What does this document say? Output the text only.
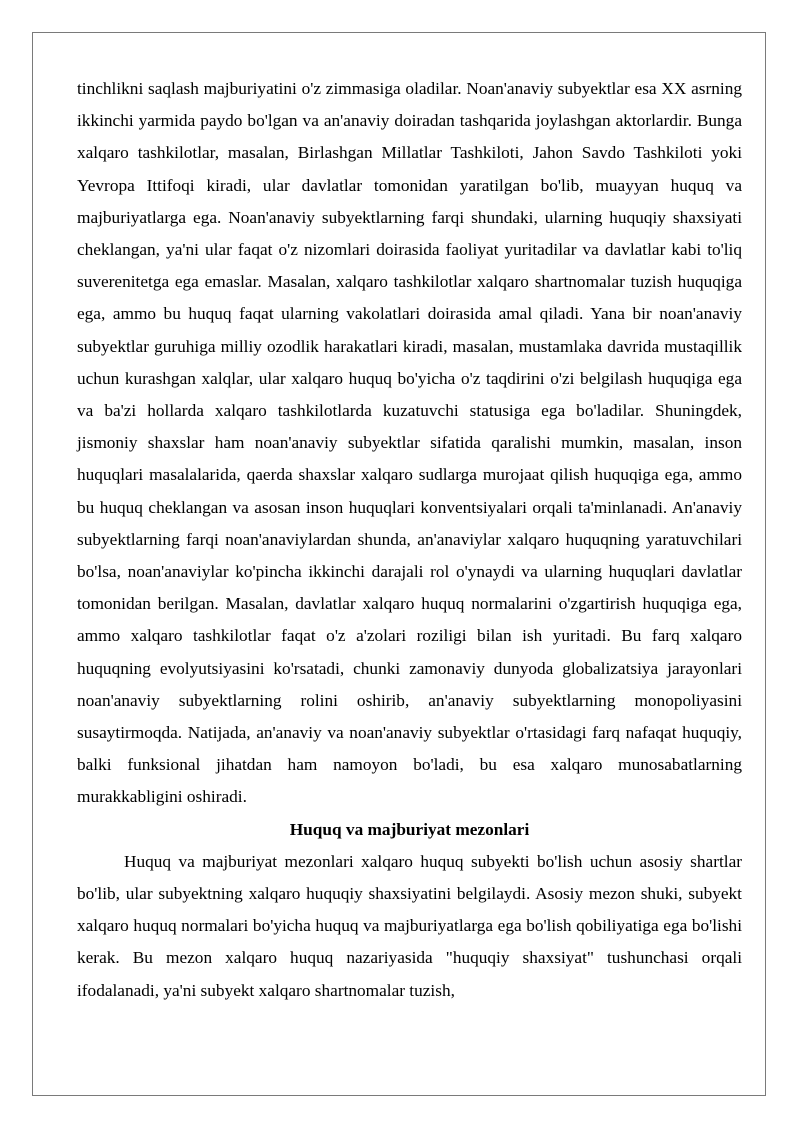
tinchlikni saqlash majburiyatini o'z zimmasiga oladilar. Noan'anaviy subyektlar esa XX asrning ikkinchi yarmida paydo bo'lgan va an'anaviy doiradan tashqarida joylashgan aktorlardir. Bunga xalqaro tashkilotlar, masalan, Birlashgan Millatlar Tashkiloti, Jahon Savdo Tashkiloti yoki Yevropa Ittifoqi kiradi, ular davlatlar tomonidan yaratilgan bo'lib, muayyan huquq va majburiyatlarga ega. Noan'anaviy subyektlarning farqi shundaki, ularning huquqiy shaxsiyati cheklangan, ya'ni ular faqat o'z nizomlari doirasida faoliyat yuritadilar va davlatlar kabi to'liq suverenitetga ega emaslar. Masalan, xalqaro tashkilotlar xalqaro shartnomalar tuzish huquqiga ega, ammo bu huquq faqat ularning vakolatlari doirasida amal qiladi. Yana bir noan'anaviy subyektlar guruhiga milliy ozodlik harakatlari kiradi, masalan, mustamlaka davrida mustaqillik uchun kurashgan xalqlar, ular xalqaro huquq bo'yicha o'z taqdirini o'zi belgilash huquqiga ega va ba'zi hollarda xalqaro tashkilotlarda kuzatuvchi statusiga ega bo'ladilar. Shuningdek, jismoniy shaxslar ham noan'anaviy subyektlar sifatida qaralishi mumkin, masalan, inson huquqlari masalalarida, qaerda shaxslar xalqaro sudlarga murojaat qilish huquqiga ega, ammo bu huquq cheklangan va asosan inson huquqlari konventsiyalari orqali ta'minlanadi. An'anaviy subyektlarning farqi noan'anaviylardan shunda, an'anaviylar xalqaro huquqning yaratuvchilari bo'lsa, noan'anaviylar ko'pincha ikkinchi darajali rol o'ynaydi va ularning huquqlari davlatlar tomonidan berilgan. Masalan, davlatlar xalqaro huquq normalarini o'zgartirish huquqiga ega, ammo xalqaro tashkilotlar faqat o'z a'zolari roziligi bilan ish yuritadi. Bu farq xalqaro huquqning evolyutsiyasini ko'rsatadi, chunki zamonaviy dunyoda globalizatsiya jarayonlari noan'anaviy subyektlarning rolini oshirib, an'anaviy subyektlarning monopoliyasini susaytirmoqda. Natijada, an'anaviy va noan'anaviy subyektlar o'rtasidagi farq nafaqat huquqiy, balki funksional jihatdan ham namoyon bo'ladi, bu esa xalqaro munosabatlarning murakkabligini oshiradi.

Huquq va majburiyat mezonlari

Huquq va majburiyat mezonlari xalqaro huquq subyekti bo'lish uchun asosiy shartlar bo'lib, ular subyektning xalqaro huquqiy shaxsiyatini belgilaydi. Asosiy mezon shuki, subyekt xalqaro huquq normalari bo'yicha huquq va majburiyatlarga ega bo'lish qobiliyatiga ega bo'lishi kerak. Bu mezon xalqaro huquq nazariyasida "huquqiy shaxsiyat" tushunchasi orqali ifodalanadi, ya'ni subyekt xalqaro shartnomalar tuzish,
